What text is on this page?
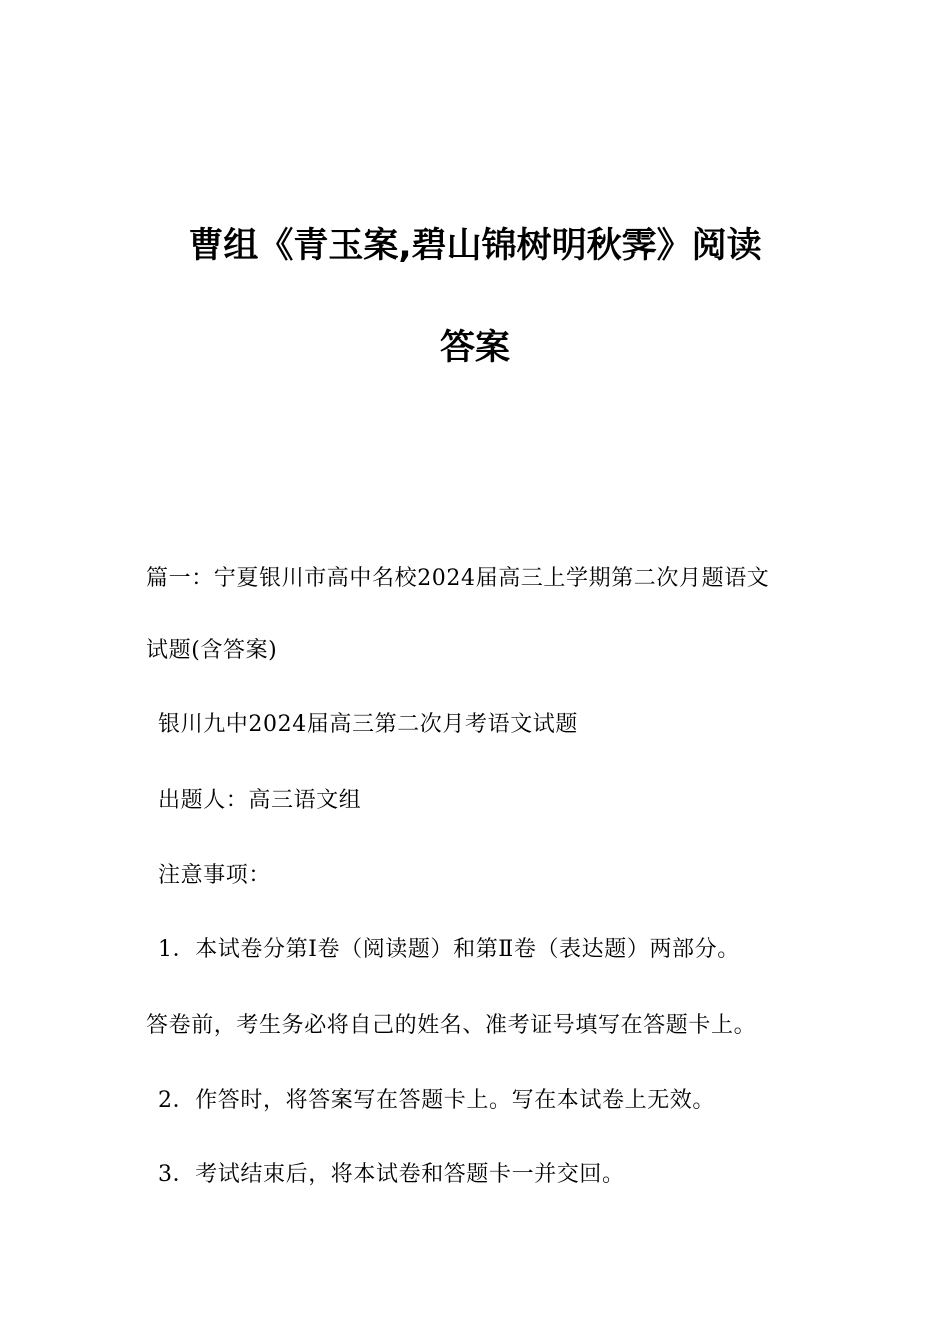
曹组《青玉案,碧山锦树明秋霁》阅读
答案
篇一：宁夏银川市高中名校2024届高三上学期第二次月题语文
试题(含答案)
银川九中2024届高三第二次月考语文试题
出题人：高三语文组
注意事项：
1．本试卷分第Ⅰ卷（阅读题）和第Ⅱ卷（表达题）两部分。
答卷前，考生务必将自己的姓名、准考证号填写在答题卡上。
2．作答时，将答案写在答题卡上。写在本试卷上无效。
3．考试结束后，将本试卷和答题卡一并交回。
